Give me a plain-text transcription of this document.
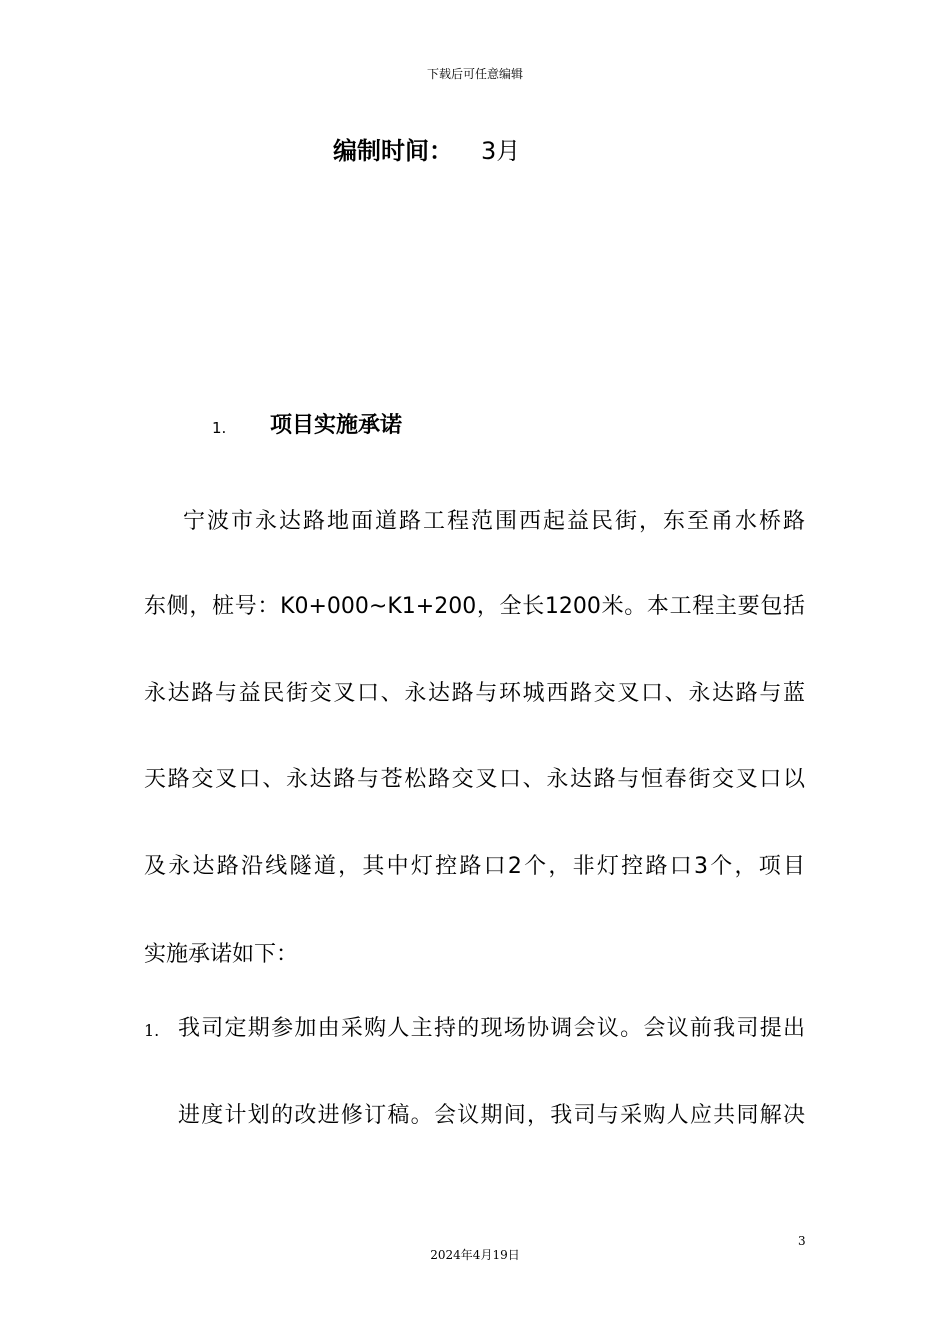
下载后可任意编辑
编制时间： 3月
1. 项目实施承诺
宁波市永达路地面道路工程范围西起益民街，东至甬水桥路
东侧，桩号：K0+000~K1+200，全长1200米。本工程主要包括
永达路与益民街交叉口、永达路与环城西路交叉口、永达路与蓝
天路交叉口、永达路与苍松路交叉口、永达路与恒春街交叉口以
及永达路沿线隧道，其中灯控路口2个，非灯控路口3个，项目
实施承诺如下：
1. 我司定期参加由采购人主持的现场协调会议。会议前我司提出
进度计划的改进修订稿。会议期间，我司与采购人应共同解决
3
2024年4月19日
